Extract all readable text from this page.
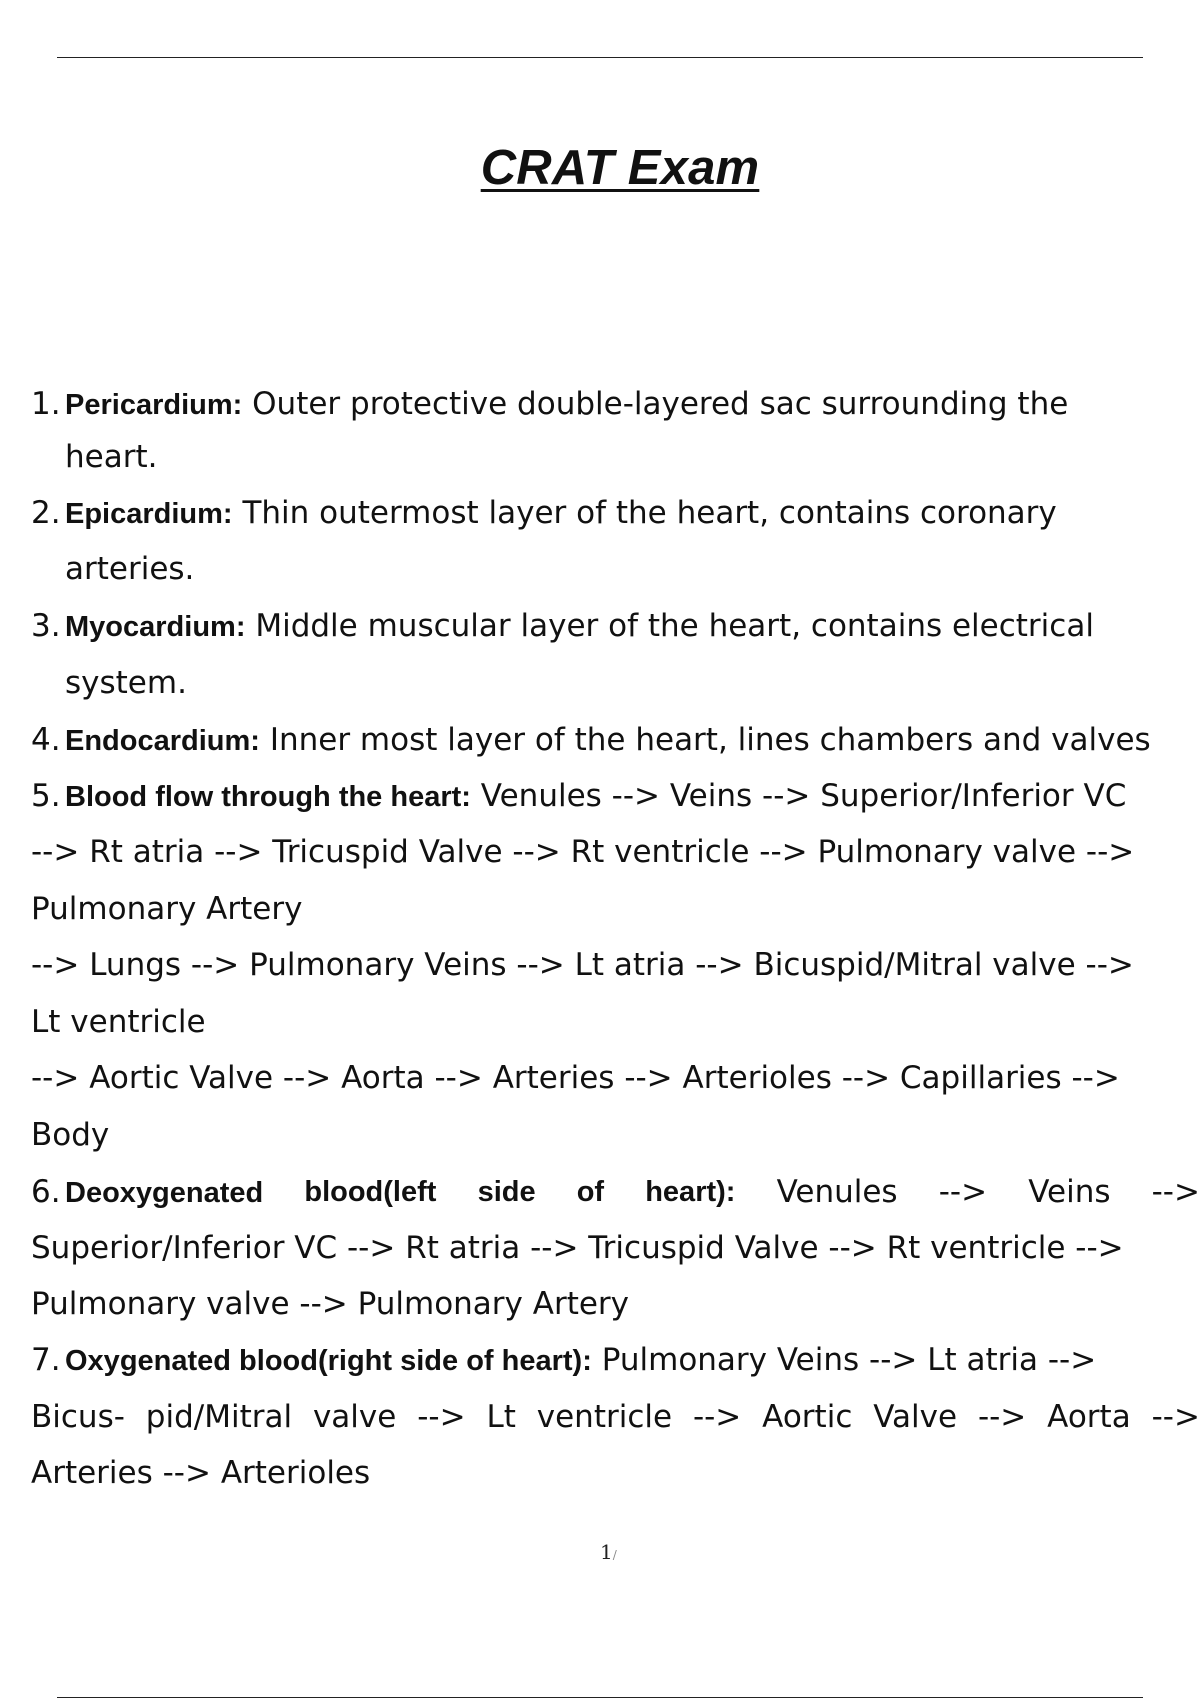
CRAT Exam
1. Pericardium: Outer protective double-layered sac surrounding the
heart.
2. Epicardium: Thin outermost layer of the heart, contains coronary
arteries.
3. Myocardium: Middle muscular layer of the heart, contains electrical
system.
4. Endocardium: Inner most layer of the heart, lines chambers and valves
5. Blood flow through the heart: Venules --> Veins --> Superior/Inferior VC
--> Rt atria --> Tricuspid Valve --> Rt ventricle --> Pulmonary valve -->
Pulmonary Artery
--> Lungs --> Pulmonary Veins --> Lt atria --> Bicuspid/Mitral valve -->
Lt ventricle
--> Aortic Valve --> Aorta --> Arteries --> Arterioles --> Capillaries -->
Body
6. Deoxygenated blood(left side of heart): Venules --> Veins -->
Superior/Inferior VC --> Rt atria --> Tricuspid Valve --> Rt ventricle -->
Pulmonary valve --> Pulmonary Artery
7. Oxygenated blood(right side of heart): Pulmonary Veins --> Lt atria -->
Bicus- pid/Mitral valve --> Lt ventricle --> Aortic Valve --> Aorta -->
Arteries --> Arterioles
1/
